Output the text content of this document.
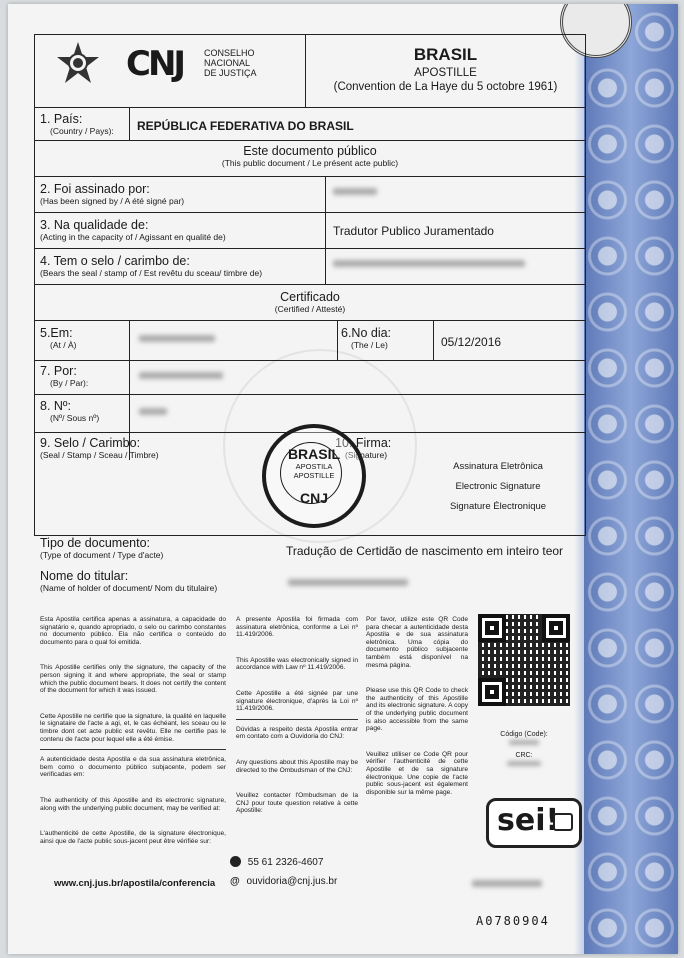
CNJ CONSELHO
NACIONAL
DE JUSTIÇA
BRASIL
APOSTILLE
(Convention de La Haye du 5 octobre 1961)
1. País:
(Country / Pays): REPÚBLICA FEDERATIVA DO BRASIL
Este documento público
(This public document / Le présent acte public)
2. Foi assinado por:
(Has been signed by / A été signé par)
3. Na qualidade de:
(Acting in the capacity of / Agissant en qualité de)	Tradutor Publico Juramentado
4. Tem o selo / carimbo de:
(Bears the seal / stamp of / Est revêtu du sceau/ timbre de)
Certificado
(Certified / Attesté)
5.Em:
(At / À)
6.No dia:
(The / Le)	05/12/2016
7. Por:
(By / Par):
8. Nº:
(Nº/ Sous nº)
9. Selo / Carimbo:
(Seal / Stamp / Sceau / Timbre)
10. Firma:
(Signature)
Assinatura Eletrônica
Electronic Signature
Signature Électronique
BRASIL
APOSTILA
APOSTILLE
CNJ
Tipo de documento:
(Type of document / Type d'acte)	Tradução de Certidão de nascimento em inteiro teor
Nome do titular:
(Name of holder of document/ Nom du titulaire)
Esta Apostila certifica apenas a assinatura, a capacidade do signatário e, quando apropriado, o selo ou carimbo constantes no documento público. Ela não certifica o conteúdo do documento para o qual foi emitida.

This Apostille certifies only the signature, the capacity of the person signing it and where appropriate, the seal or stamp which the public document bears. It does not certify the content of the document for which it was issued.

Cette Apostille ne certifie que la signature, la qualité en laquelle le signataire de l'acte a agi, et, le cas échéant, les sceau ou le timbre dont cet acte public est revêtu. Elle ne certifie pas le contenu de l'acte pour lequel elle a été émise.
A autenticidade desta Apostila e da sua assinatura eletrônica, bem como o documento público subjacente, podem ser verificadas em:

The authenticity of this Apostille and its electronic signature, along with the underlying public document, may be verified at:

L'authenticité de cette Apostille, de la signature électronique, ainsi que de l'acte public sous-jacent peut être vérifiée sur:
A presente Apostila foi firmada com assinatura eletrônica, conforme a Lei nº 11.419/2006.

This Apostille was electronically signed in accordance with Law nº 11.419/2006.

Cette Apostille a été signée par une signature électronique, d'après la Loi nº 11.419/2006.
Dúvidas a respeito desta Apostila entrar em contato com a Ouvidoria do CNJ:

Any questions about this Apostille may be directed to the Ombudsman of the CNJ:

Veuillez contacter l'Ombudsman de la CNJ pour toute question relative à cette Apostille:
Por favor, utilize este QR Code para checar a autenticidade desta Apostila e de sua assinatura eletrônica. Uma cópia do documento público subjacente também está disponível na mesma página.

Please use this QR Code to check the authenticity of this Apostille and its electronic signature. A copy of the underlying public document is also accessible from the same page.

Veuillez utiliser ce Code QR pour vérifier l'authenticité de cette Apostille et de sa signature électronique. Une copie de l'acte public sous-jacent est également disponible sur la même page.
Código (Code):
CRC:
sei!
55 61 2326-4607
@ ouvidoria@cnj.jus.br
www.cnj.jus.br/apostila/conferencia
A0780904
